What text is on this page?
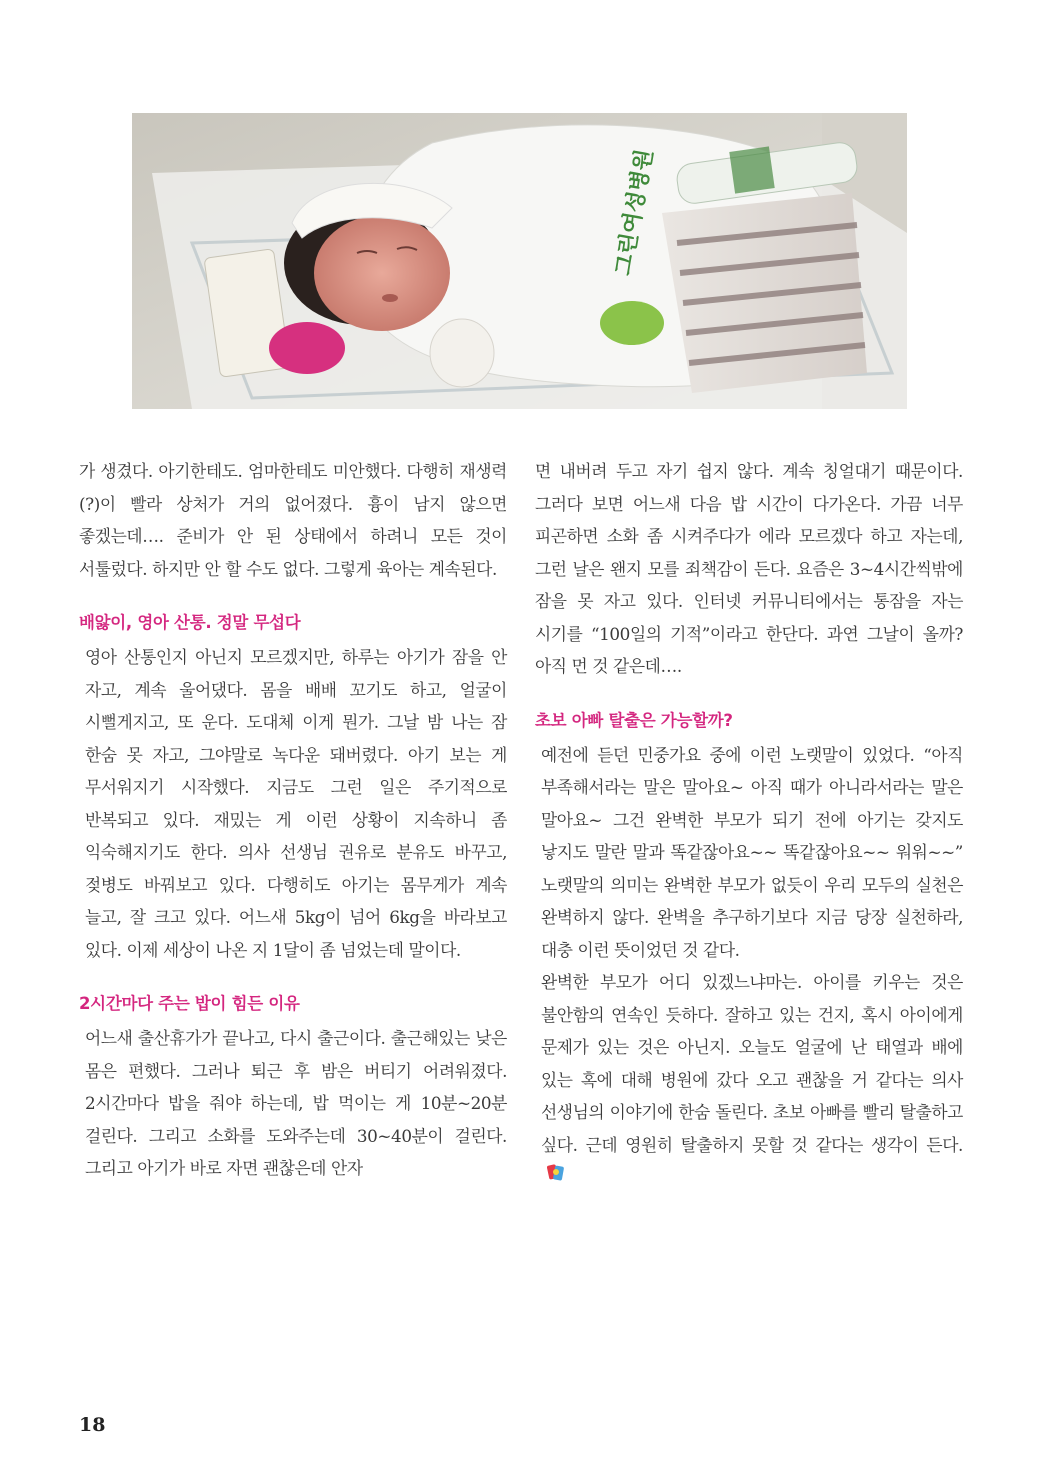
그린여성병원

가 생겼다. 아기한테도. 엄마한테도 미안했다. 다행히 재생력(?)이 빨라 상처가 거의 없어졌다. 흉이 남지 않으면 좋겠는데…. 준비가 안 된 상태에서 하려니 모든 것이 서툴렀다. 하지만 안 할 수도 없다. 그렇게 육아는 계속된다.

배앓이, 영아 산통. 정말 무섭다

영아 산통인지 아닌지 모르겠지만, 하루는 아기가 잠을 안 자고, 계속 울어댔다. 몸을 배배 꼬기도 하고, 얼굴이 시뻘게지고, 또 운다. 도대체 이게 뭔가. 그날 밤 나는 잠 한숨 못 자고, 그야말로 녹다운 돼버렸다. 아기 보는 게 무서워지기 시작했다. 지금도 그런 일은 주기적으로 반복되고 있다. 재밌는 게 이런 상황이 지속하니 좀 익숙해지기도 한다. 의사 선생님 권유로 분유도 바꾸고, 젖병도 바꿔보고 있다. 다행히도 아기는 몸무게가 계속 늘고, 잘 크고 있다. 어느새 5kg이 넘어 6kg을 바라보고 있다. 이제 세상이 나온 지 1달이 좀 넘었는데 말이다.

2시간마다 주는 밥이 힘든 이유

어느새 출산휴가가 끝나고, 다시 출근이다. 출근해있는 낮은 몸은 편했다. 그러나 퇴근 후 밤은 버티기 어려워졌다. 2시간마다 밥을 줘야 하는데, 밥 먹이는 게 10분~20분 걸린다. 그리고 소화를 도와주는데 30~40분이 걸린다. 그리고 아기가 바로 자면 괜찮은데 안자

면 내버려 두고 자기 쉽지 않다. 계속 칭얼대기 때문이다. 그러다 보면 어느새 다음 밥 시간이 다가온다. 가끔 너무 피곤하면 소화 좀 시켜주다가 에라 모르겠다 하고 자는데, 그런 날은 왠지 모를 죄책감이 든다. 요즘은 3~4시간씩밖에 잠을 못 자고 있다. 인터넷 커뮤니티에서는 통잠을 자는 시기를 “100일의 기적”이라고 한단다. 과연 그날이 올까? 아직 먼 것 같은데….

초보 아빠 탈출은 가능할까?

예전에 듣던 민중가요 중에 이런 노랫말이 있었다. “아직 부족해서라는 말은 말아요~ 아직 때가 아니라서라는 말은 말아요~ 그건 완벽한 부모가 되기 전에 아기는 갖지도 낳지도 말란 말과 똑같잖아요~~ 똑같잖아요~~ 워워~~” 노랫말의 의미는 완벽한 부모가 없듯이 우리 모두의 실천은 완벽하지 않다. 완벽을 추구하기보다 지금 당장 실천하라, 대충 이런 뜻이었던 것 같다.

완벽한 부모가 어디 있겠느냐마는. 아이를 키우는 것은 불안함의 연속인 듯하다. 잘하고 있는 건지, 혹시 아이에게 문제가 있는 것은 아닌지. 오늘도 얼굴에 난 태열과 배에 있는 혹에 대해 병원에 갔다 오고 괜찮을 거 같다는 의사 선생님의 이야기에 한숨 돌린다. 초보 아빠를 빨리 탈출하고 싶다. 근데 영원히 탈출하지 못할 것 같다는 생각이 든다.

18
